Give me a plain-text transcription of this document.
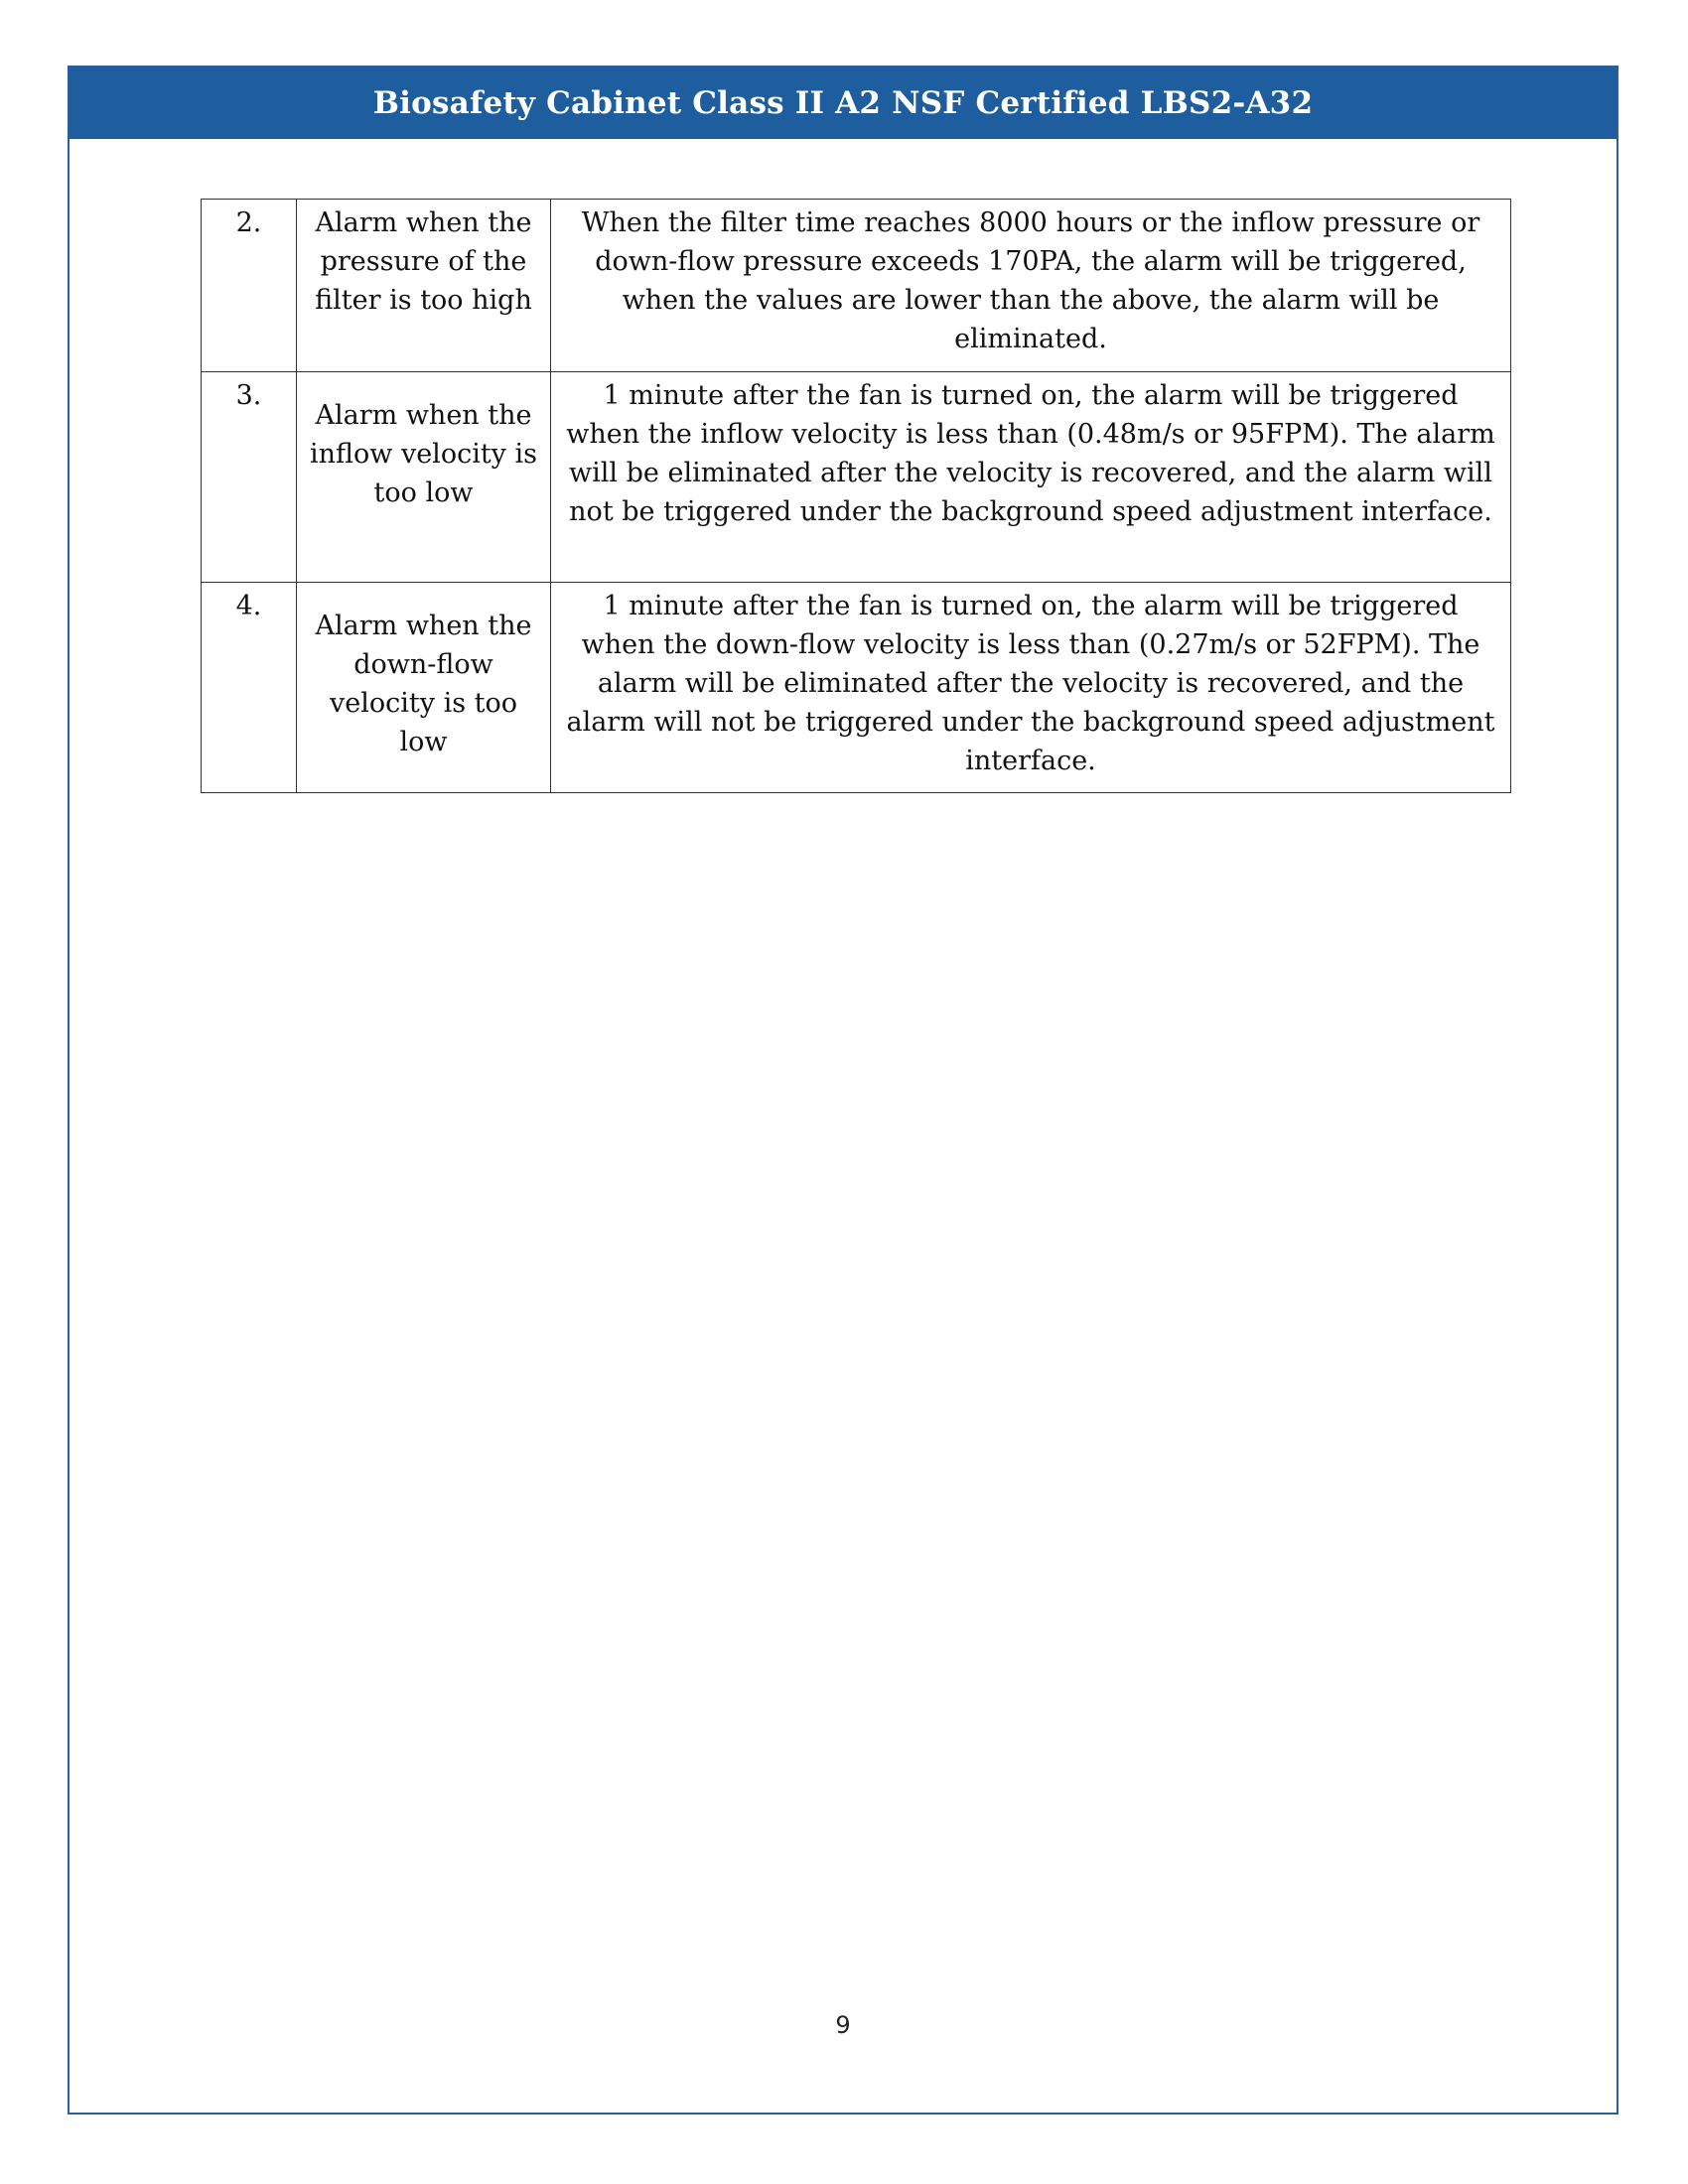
Biosafety Cabinet Class II A2 NSF Certified LBS2-A32
2.	Alarm when the pressure of the filter is too high	When the filter time reaches 8000 hours or the inflow pressure or down-flow pressure exceeds 170PA, the alarm will be triggered, when the values are lower than the above, the alarm will be eliminated.
3.	Alarm when the inflow velocity is too low	1 minute after the fan is turned on, the alarm will be triggered when the inflow velocity is less than (0.48m/s or 95FPM). The alarm will be eliminated after the velocity is recovered, and the alarm will not be triggered under the background speed adjustment interface.
4.	Alarm when the down-flow velocity is too low	1 minute after the fan is turned on, the alarm will be triggered when the down-flow velocity is less than (0.27m/s or 52FPM). The alarm will be eliminated after the velocity is recovered, and the alarm will not be triggered under the background speed adjustment interface.
9
